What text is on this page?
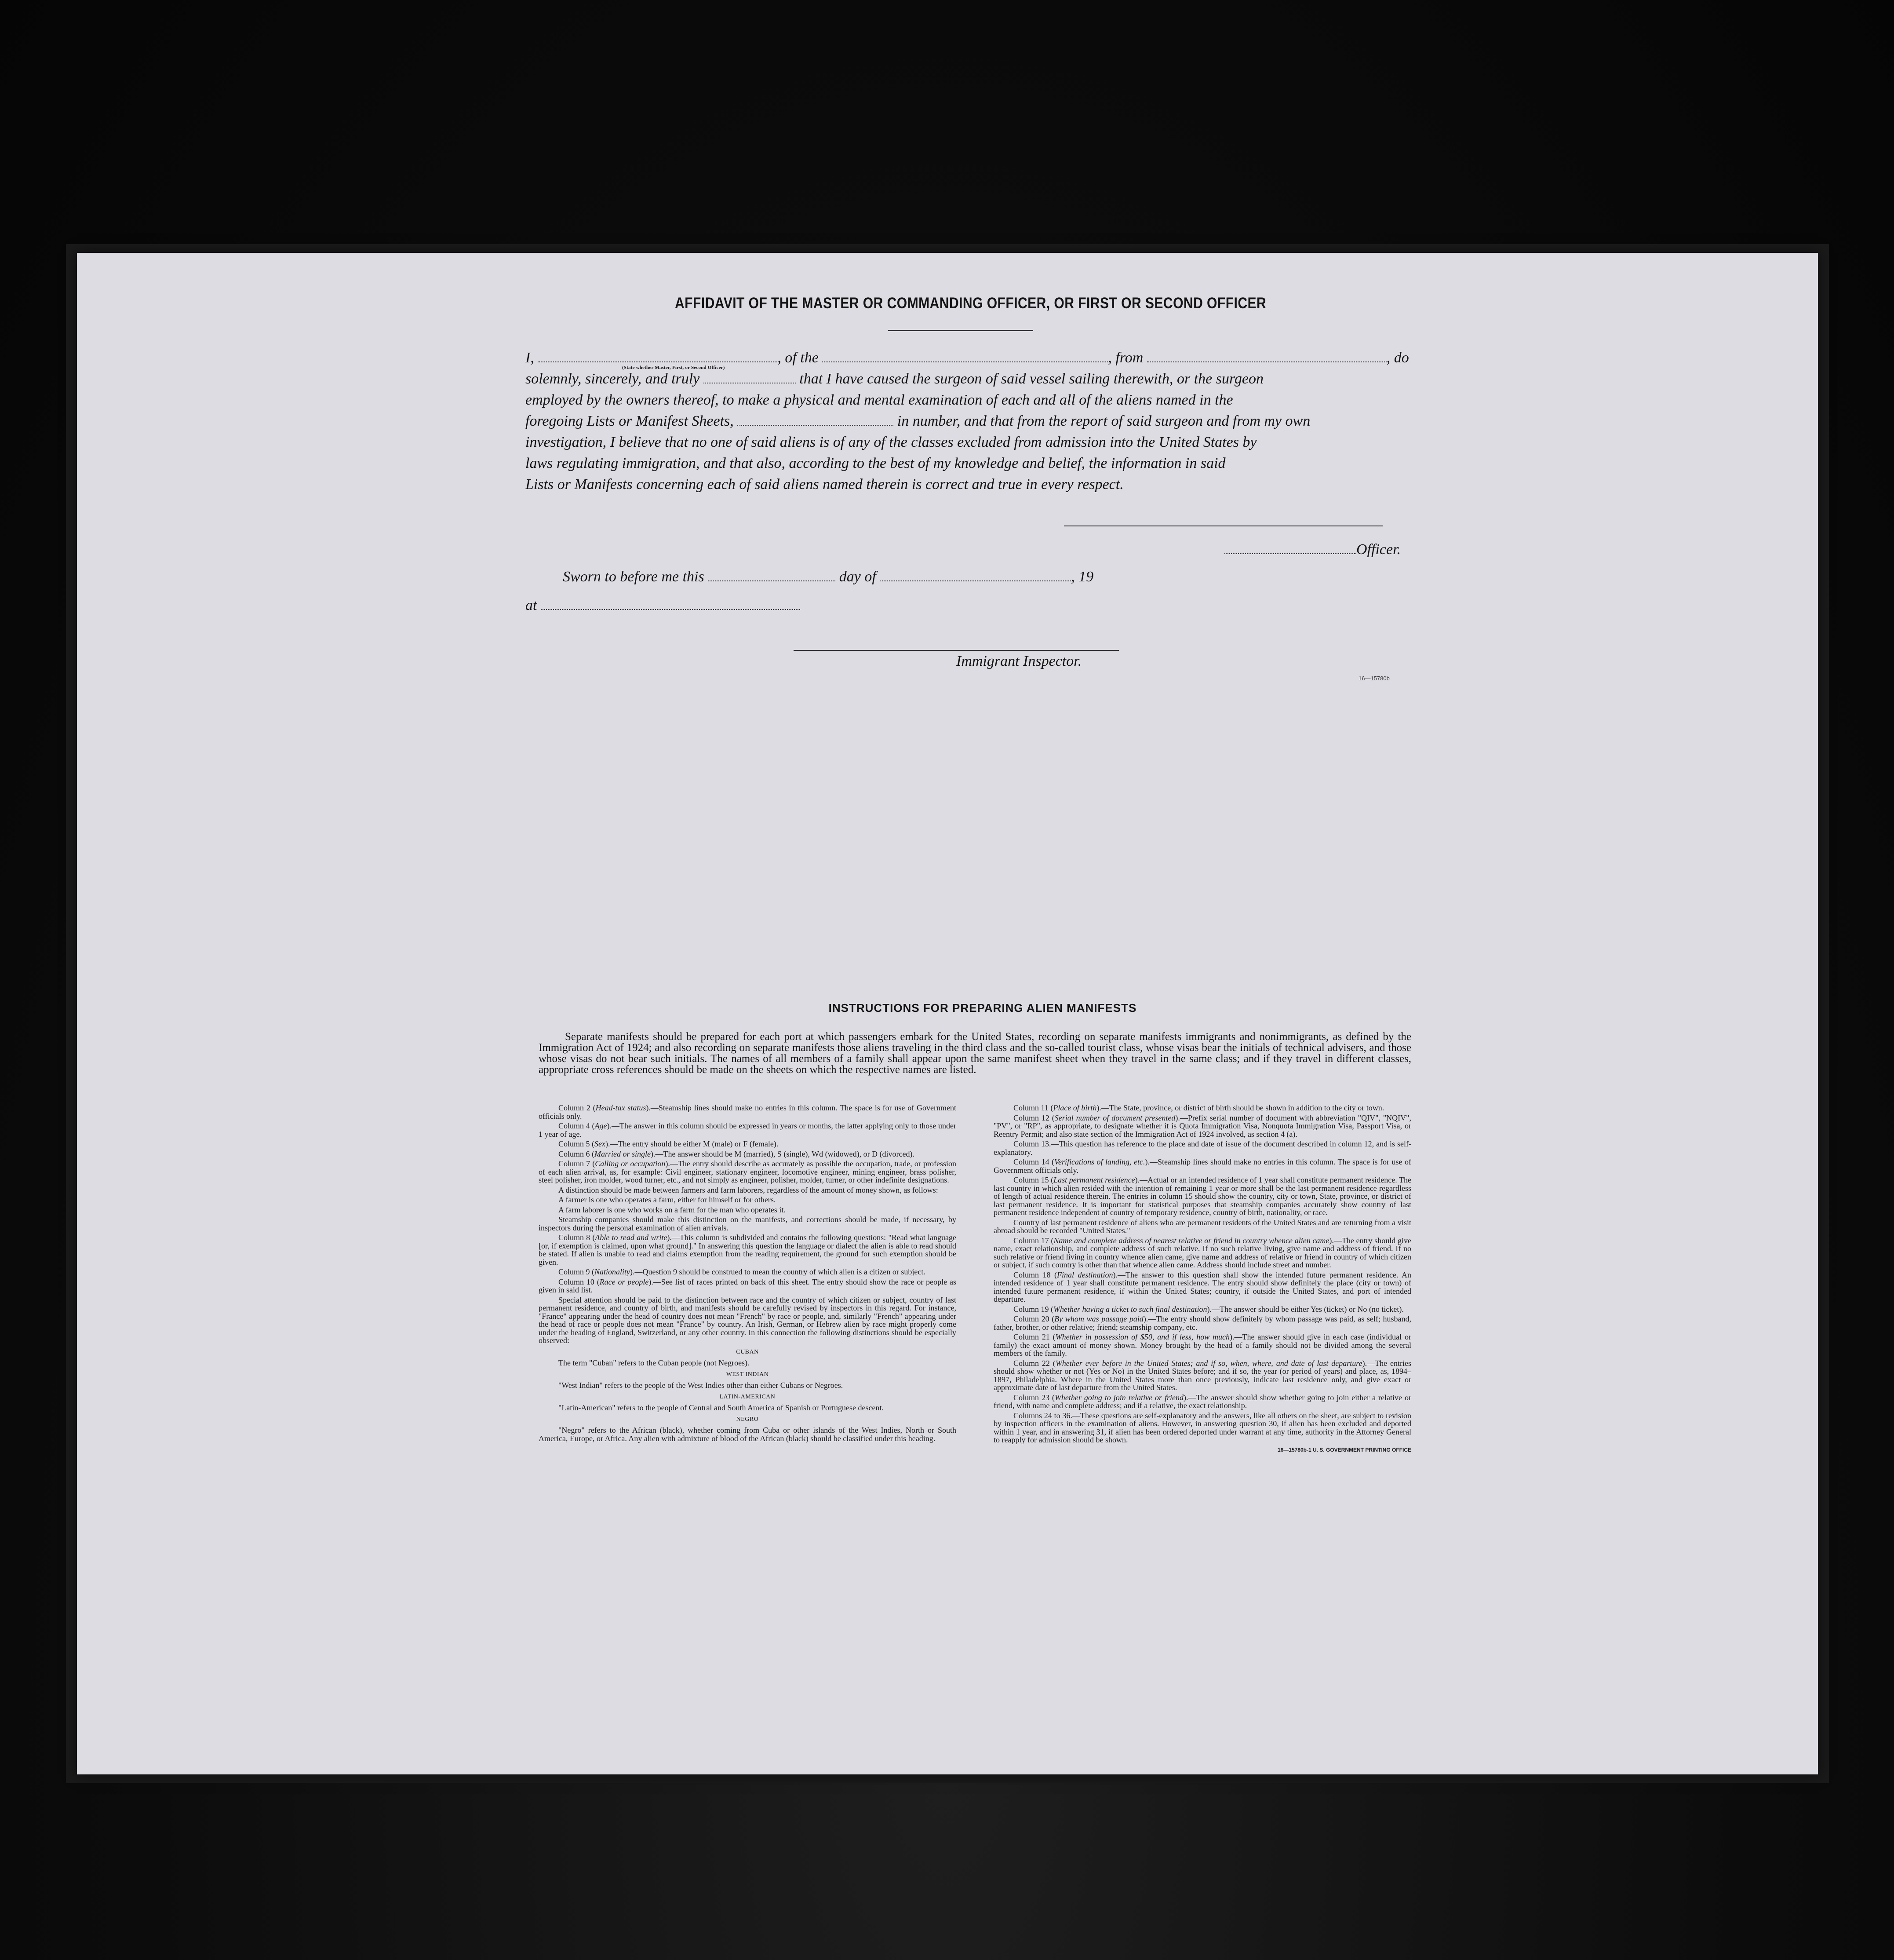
AFFIDAVIT OF THE MASTER OR COMMANDING OFFICER, OR FIRST OR SECOND OFFICER
I,	, of the	, from	, do
(State whether Master, First, or Second Officer)
solemnly, sincerely, and truly	that I have caused the surgeon of said vessel sailing therewith, or the surgeon
employed by the owners thereof, to make a physical and mental examination of each and all of the aliens named in the
foregoing Lists or Manifest Sheets,	in number, and that from the report of said surgeon and from my own
investigation, I believe that no one of said aliens is of any of the classes excluded from admission into the United States by
laws regulating immigration, and that also, according to the best of my knowledge and belief, the information in said
Lists or Manifests concerning each of said aliens named therein is correct and true in every respect.
Officer.
Sworn to before me this	day of	, 19
at
Immigrant Inspector.
16—15780b
INSTRUCTIONS FOR PREPARING ALIEN MANIFESTS
Separate manifests should be prepared for each port at which passengers embark for the United States, recording on separate manifests immigrants and nonimmigrants, as defined by the Immigration Act of 1924; and also recording on separate manifests those aliens traveling in the third class and the so-called tourist class, whose visas bear the initials of technical advisers, and those whose visas do not bear such initials. The names of all members of a family shall appear upon the same manifest sheet when they travel in the same class; and if they travel in different classes, appropriate cross references should be made on the sheets on which the respective names are listed.

Column 2 (Head-tax status).—Steamship lines should make no entries in this column. The space is for use of Government officials only.

Column 4 (Age).—The answer in this column should be expressed in years or months, the latter applying only to those under 1 year of age.

Column 5 (Sex).—The entry should be either M (male) or F (female).

Column 6 (Married or single).—The answer should be M (married), S (single), Wd (widowed), or D (divorced).

Column 7 (Calling or occupation).—The entry should describe as accurately as possible the occupation, trade, or profession of each alien arrival, as, for example: Civil engineer, stationary engineer, locomotive engineer, mining engineer, brass polisher, steel polisher, iron molder, wood turner, etc., and not simply as engineer, polisher, molder, turner, or other indefinite designations.

A distinction should be made between farmers and farm laborers, regardless of the amount of money shown, as follows:

A farmer is one who operates a farm, either for himself or for others.

A farm laborer is one who works on a farm for the man who operates it.

Steamship companies should make this distinction on the manifests, and corrections should be made, if necessary, by inspectors during the personal examination of alien arrivals.

Column 8 (Able to read and write).—This column is subdivided and contains the following questions: "Read what language [or, if exemption is claimed, upon what ground]." In answering this question the language or dialect the alien is able to read should be stated. If alien is unable to read and claims exemption from the reading requirement, the ground for such exemption should be given.

Column 9 (Nationality).—Question 9 should be construed to mean the country of which alien is a citizen or subject.

Column 10 (Race or people).—See list of races printed on back of this sheet. The entry should show the race or people as given in said list.

Special attention should be paid to the distinction between race and the country of which citizen or subject, country of last permanent residence, and country of birth, and manifests should be carefully revised by inspectors in this regard. For instance, "France" appearing under the head of country does not mean "French" by race or people, and, similarly "French" appearing under the head of race or people does not mean "France" by country. An Irish, German, or Hebrew alien by race might properly come under the heading of England, Switzerland, or any other country. In this connection the following distinctions should be especially observed:

CUBAN

The term "Cuban" refers to the Cuban people (not Negroes).

WEST INDIAN

"West Indian" refers to the people of the West Indies other than either Cubans or Negroes.

LATIN-AMERICAN

"Latin-American" refers to the people of Central and South America of Spanish or Portuguese descent.

NEGRO

"Negro" refers to the African (black), whether coming from Cuba or other islands of the West Indies, North or South America, Europe, or Africa. Any alien with admixture of blood of the African (black) should be classified under this heading.

Column 11 (Place of birth).—The State, province, or district of birth should be shown in addition to the city or town.

Column 12 (Serial number of document presented).—Prefix serial number of document with abbreviation "QIV", "NQIV", "PV", or "RP", as appropriate, to designate whether it is Quota Immigration Visa, Nonquota Immigration Visa, Passport Visa, or Reentry Permit; and also state section of the Immigration Act of 1924 involved, as section 4 (a).

Column 13.—This question has reference to the place and date of issue of the document described in column 12, and is self-explanatory.

Column 14 (Verifications of landing, etc.).—Steamship lines should make no entries in this column. The space is for use of Government officials only.

Column 15 (Last permanent residence).—Actual or an intended residence of 1 year shall constitute permanent residence. The last country in which alien resided with the intention of remaining 1 year or more shall be the last permanent residence regardless of length of actual residence therein. The entries in column 15 should show the country, city or town, State, province, or district of last permanent residence. It is important for statistical purposes that steamship companies accurately show country of last permanent residence independent of country of temporary residence, country of birth, nationality, or race.

Country of last permanent residence of aliens who are permanent residents of the United States and are returning from a visit abroad should be recorded "United States."

Column 17 (Name and complete address of nearest relative or friend in country whence alien came).—The entry should give name, exact relationship, and complete address of such relative. If no such relative living, give name and address of friend. If no such relative or friend living in country whence alien came, give name and address of relative or friend in country of which citizen or subject, if such country is other than that whence alien came. Address should include street and number.

Column 18 (Final destination).—The answer to this question shall show the intended future permanent residence. An intended residence of 1 year shall constitute permanent residence. The entry should show definitely the place (city or town) of intended future permanent residence, if within the United States; country, if outside the United States, and port of intended departure.

Column 19 (Whether having a ticket to such final destination).—The answer should be either Yes (ticket) or No (no ticket).

Column 20 (By whom was passage paid).—The entry should show definitely by whom passage was paid, as self; husband, father, brother, or other relative; friend; steamship company, etc.

Column 21 (Whether in possession of $50, and if less, how much).—The answer should give in each case (individual or family) the exact amount of money shown. Money brought by the head of a family should not be divided among the several members of the family.

Column 22 (Whether ever before in the United States; and if so, when, where, and date of last departure).—The entries should show whether or not (Yes or No) in the United States before; and if so, the year (or period of years) and place, as, 1894–1897, Philadelphia. Where in the United States more than once previously, indicate last residence only, and give exact or approximate date of last departure from the United States.

Column 23 (Whether going to join relative or friend).—The answer should show whether going to join either a relative or friend, with name and complete address; and if a relative, the exact relationship.

Columns 24 to 36.—These questions are self-explanatory and the answers, like all others on the sheet, are subject to revision by inspection officers in the examination of aliens. However, in answering question 30, if alien has been excluded and deported within 1 year, and in answering 31, if alien has been ordered deported under warrant at any time, authority in the Attorney General to reapply for admission should be shown.

16—15780b-1 U. S. GOVERNMENT PRINTING OFFICE
